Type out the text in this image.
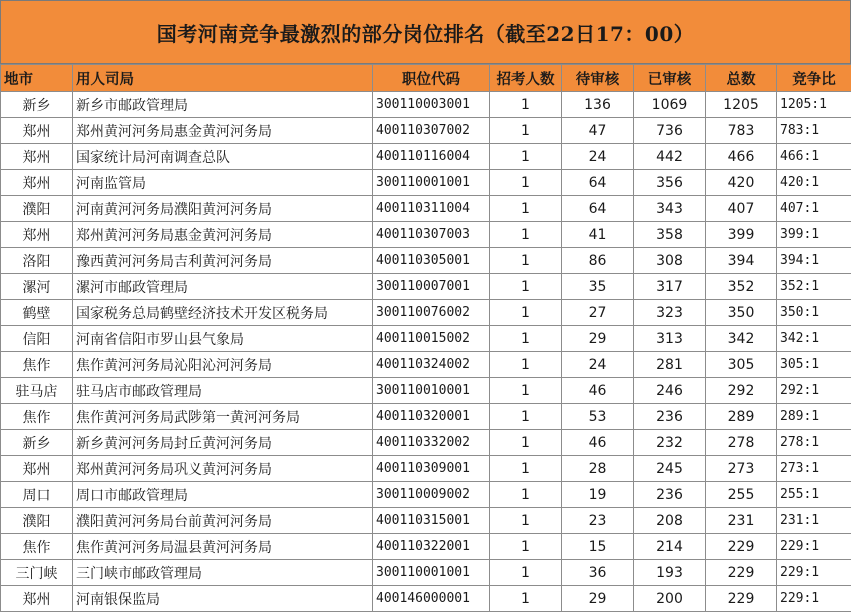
国考河南竞争最激烈的部分岗位排名（截至22日17：00）
地市	用人司局	职位代码	招考人数	待审核	已审核	总数	竞争比
新乡	新乡市邮政管理局	300110003001	1	136	1069	1205	1205:1
郑州	郑州黄河河务局惠金黄河河务局	400110307002	1	47	736	783	783:1
郑州	国家统计局河南调查总队	400110116004	1	24	442	466	466:1
郑州	河南监管局	300110001001	1	64	356	420	420:1
濮阳	河南黄河河务局濮阳黄河河务局	400110311004	1	64	343	407	407:1
郑州	郑州黄河河务局惠金黄河河务局	400110307003	1	41	358	399	399:1
洛阳	豫西黄河河务局吉利黄河河务局	400110305001	1	86	308	394	394:1
漯河	漯河市邮政管理局	300110007001	1	35	317	352	352:1
鹤壁	国家税务总局鹤壁经济技术开发区税务局	300110076002	1	27	323	350	350:1
信阳	河南省信阳市罗山县气象局	400110015002	1	29	313	342	342:1
焦作	焦作黄河河务局沁阳沁河河务局	400110324002	1	24	281	305	305:1
驻马店	驻马店市邮政管理局	300110010001	1	46	246	292	292:1
焦作	焦作黄河河务局武陟第一黄河河务局	400110320001	1	53	236	289	289:1
新乡	新乡黄河河务局封丘黄河河务局	400110332002	1	46	232	278	278:1
郑州	郑州黄河河务局巩义黄河河务局	400110309001	1	28	245	273	273:1
周口	周口市邮政管理局	300110009002	1	19	236	255	255:1
濮阳	濮阳黄河河务局台前黄河河务局	400110315001	1	23	208	231	231:1
焦作	焦作黄河河务局温县黄河河务局	400110322001	1	15	214	229	229:1
三门峡	三门峡市邮政管理局	300110001001	1	36	193	229	229:1
郑州	河南银保监局	400146000001	1	29	200	229	229:1
